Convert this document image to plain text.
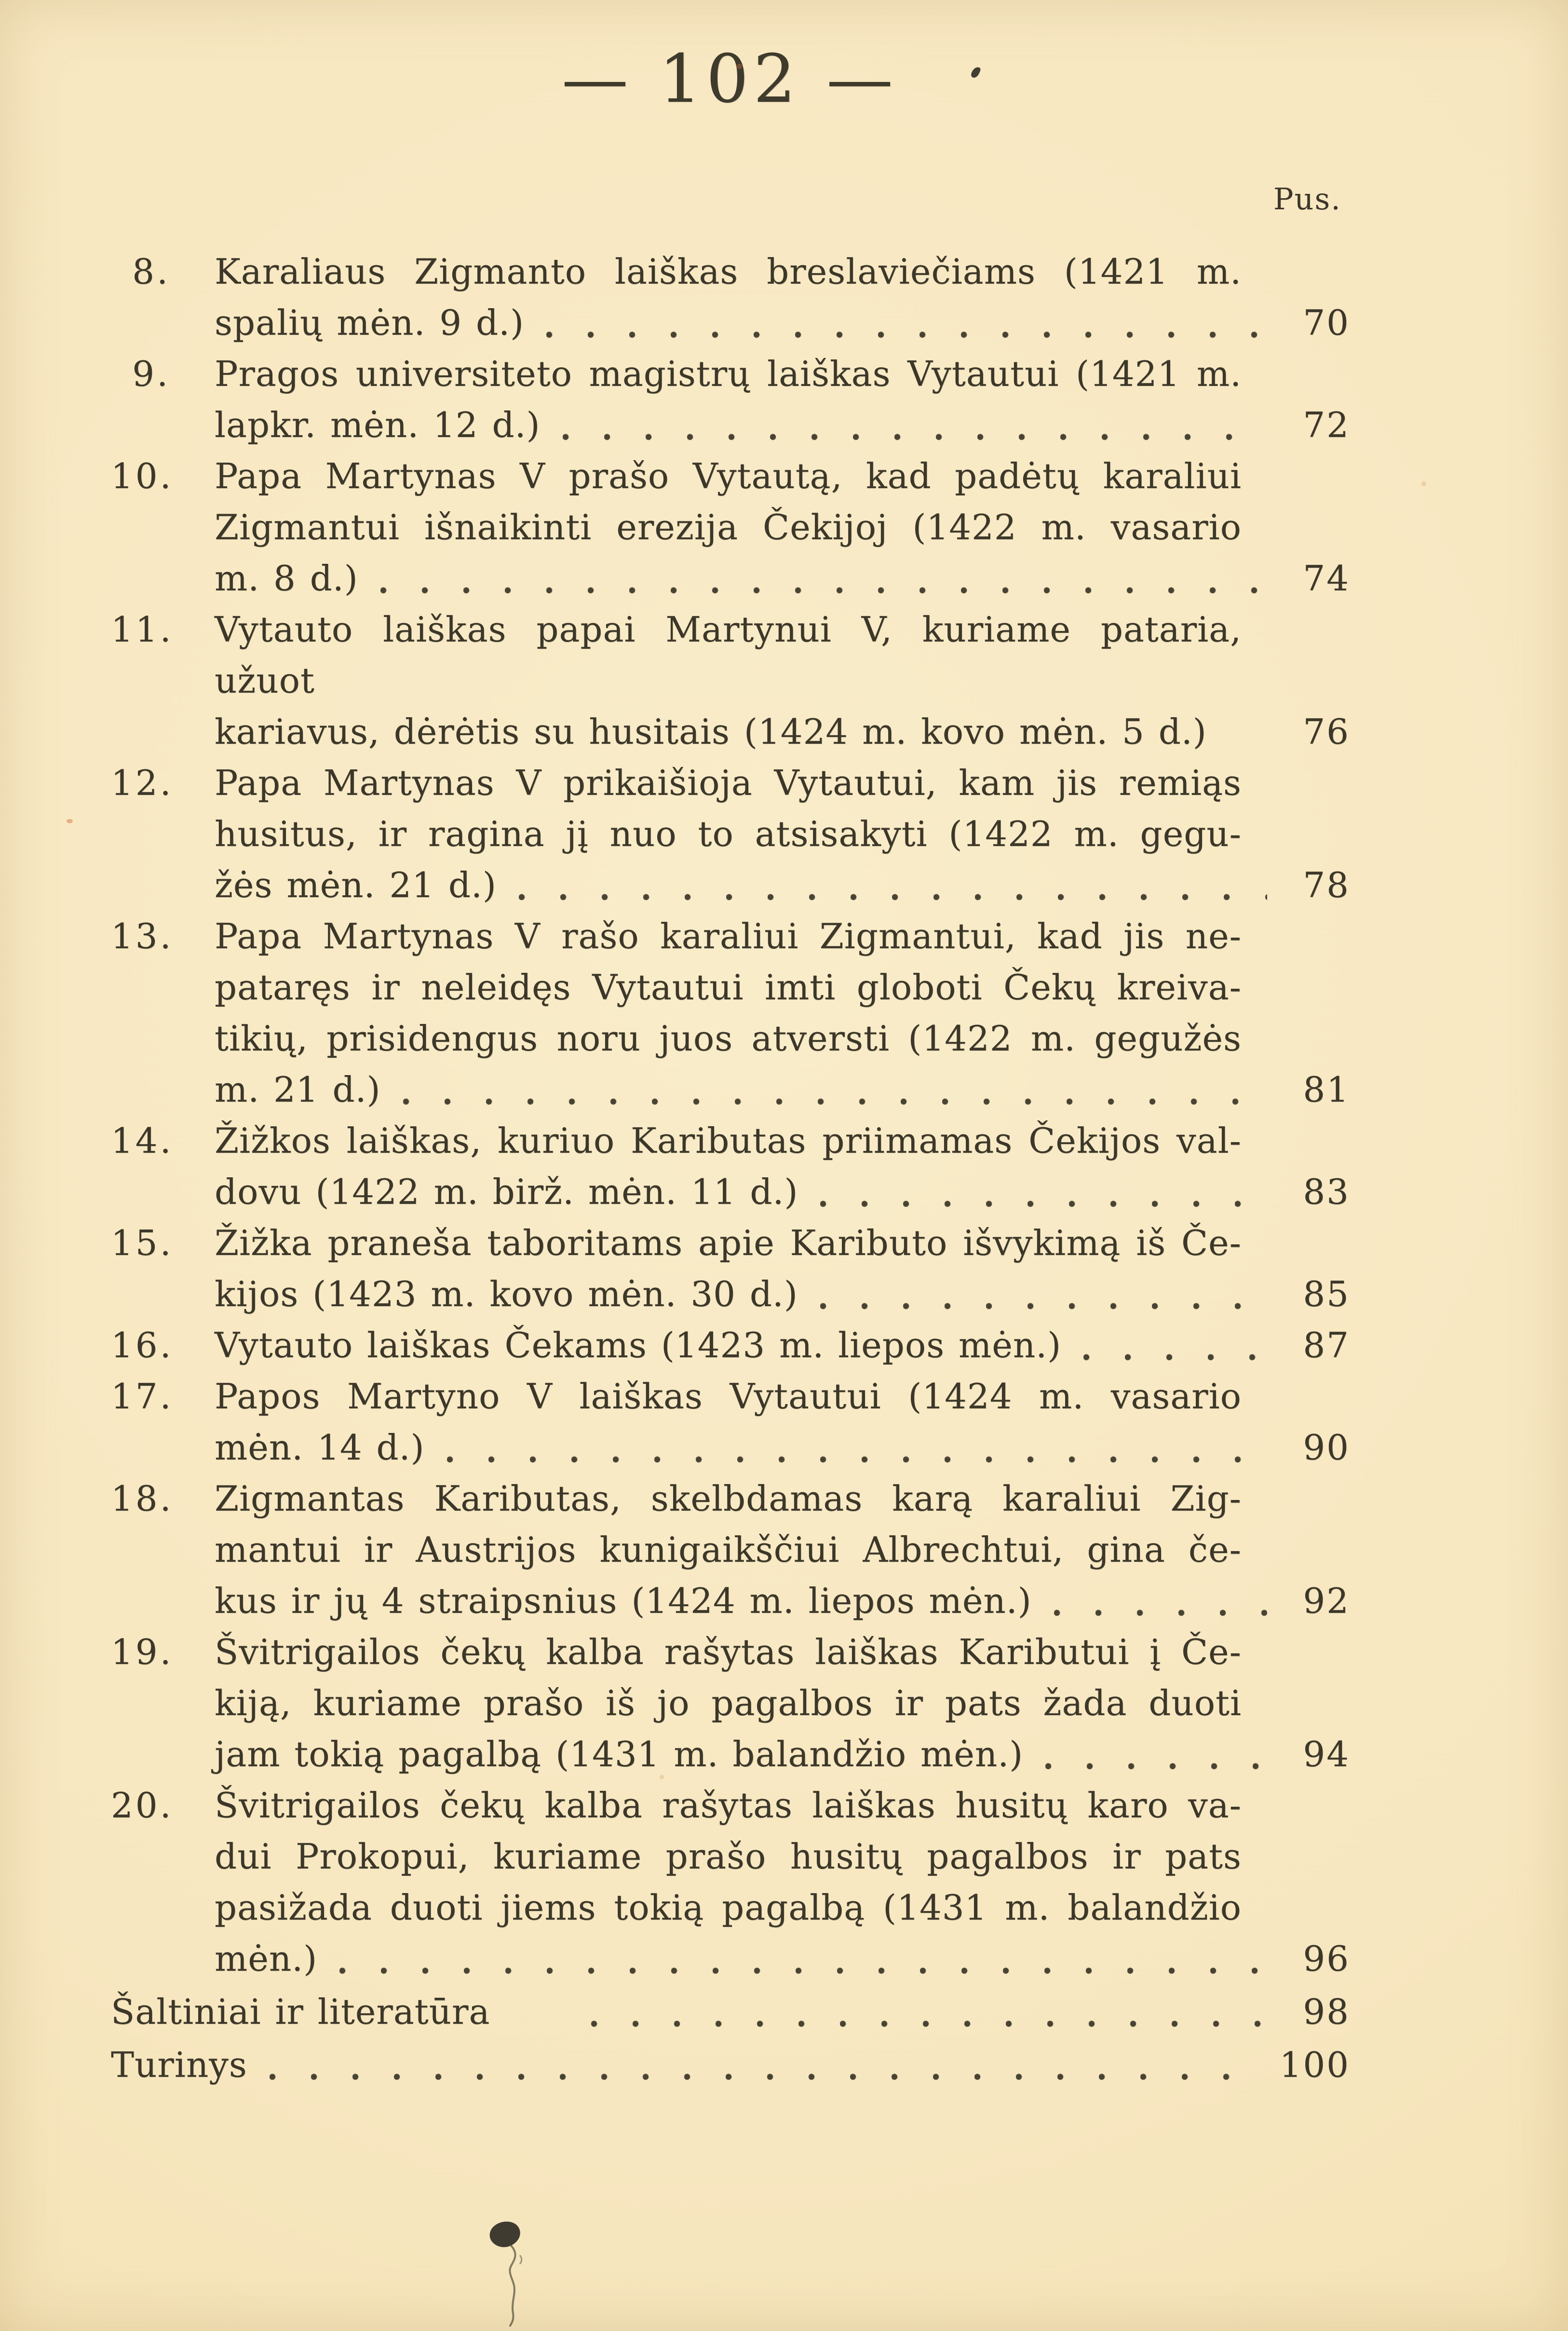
— 102 —
Pus.
8.	Karaliaus Zigmanto laiškas breslaviečiams (1421 m.
spalių mėn. 9 d.)	70
9.	Pragos universiteto magistrų laiškas Vytautui (1421 m.
lapkr. mėn. 12 d.)	72
10.	Papa Martynas V prašo Vytautą, kad padėtų karaliui
Zigmantui išnaikinti erezija Čekijoj (1422 m. vasario
m. 8 d.)	74
11.	Vytauto laiškas papai Martynui V, kuriame pataria, užuot
kariavus, dėrėtis su husitais (1424 m. kovo mėn. 5 d.)	76
12.	Papa Martynas V prikaišioja Vytautui, kam jis remiąs
husitus, ir ragina jį nuo to atsisakyti (1422 m. gegu-
žės mėn. 21 d.)	78
13.	Papa Martynas V rašo karaliui Zigmantui, kad jis ne-
pataręs ir neleidęs Vytautui imti globoti Čekų kreiva-
tikių, prisidengus noru juos atversti (1422 m. gegužės
m. 21 d.)	81
14.	Žižkos laiškas, kuriuo Kaributas priimamas Čekijos val-
dovu (1422 m. birž. mėn. 11 d.)	83
15.	Žižka praneša taboritams apie Kaributo išvykimą iš Če-
kijos (1423 m. kovo mėn. 30 d.)	85
16.	Vytauto laiškas Čekams (1423 m. liepos mėn.)	87
17.	Papos Martyno V laiškas Vytautui (1424 m. vasario
mėn. 14 d.)	90
18.	Zigmantas Kaributas, skelbdamas karą karaliui Zig-
mantui ir Austrijos kunigaikščiui Albrechtui, gina če-
kus ir jų 4 straipsnius (1424 m. liepos mėn.)	92
19.	Švitrigailos čekų kalba rašytas laiškas Kaributui į Če-
kiją, kuriame prašo iš jo pagalbos ir pats žada duoti
jam tokią pagalbą (1431 m. balandžio mėn.)	94
20.	Švitrigailos čekų kalba rašytas laiškas husitų karo va-
dui Prokopui, kuriame prašo husitų pagalbos ir pats
pasižada duoti jiems tokią pagalbą (1431 m. balandžio
mėn.)	96
Šaltiniai ir literatūra	98
Turinys	100
